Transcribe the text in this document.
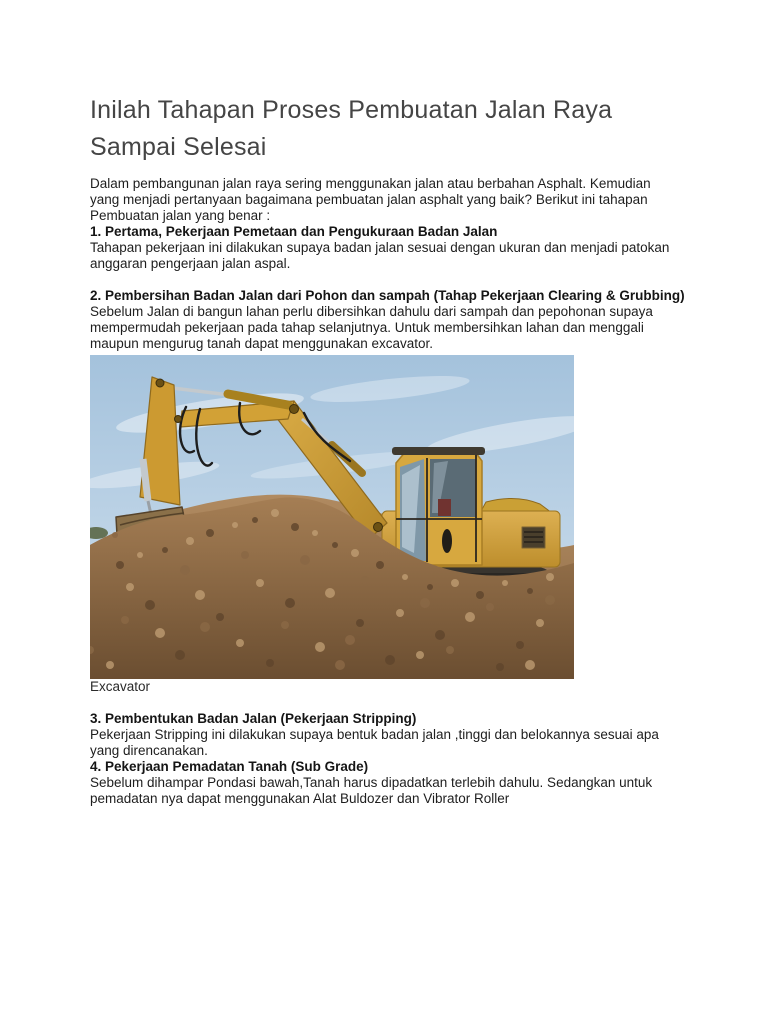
Inilah Tahapan Proses Pembuatan Jalan Raya Sampai Selesai

Dalam pembangunan jalan raya sering menggunakan jalan atau berbahan Asphalt. Kemudian yang menjadi pertanyaan bagaimana pembuatan jalan asphalt yang baik? Berikut ini tahapan Pembuatan jalan yang benar :

1. Pertama, Pekerjaan Pemetaan dan Pengukuraan Badan Jalan

Tahapan pekerjaan ini dilakukan supaya badan jalan sesuai dengan ukuran dan menjadi patokan anggaran pengerjaan jalan aspal.

2. Pembersihan Badan Jalan dari Pohon dan sampah (Tahap Pekerjaan Clearing & Grubbing)

Sebelum Jalan di bangun lahan perlu dibersihkan dahulu dari sampah dan pepohonan supaya mempermudah pekerjaan pada tahap selanjutnya. Untuk membersihkan lahan dan menggali maupun mengurug tanah dapat menggunakan excavator.

Excavator

3. Pembentukan Badan Jalan (Pekerjaan Stripping)

Pekerjaan Stripping ini dilakukan supaya bentuk badan jalan ,tinggi dan belokannya sesuai apa yang direncanakan.

4. Pekerjaan Pemadatan Tanah (Sub Grade)

Sebelum dihampar Pondasi bawah,Tanah harus dipadatkan terlebih dahulu. Sedangkan untuk pemadatan nya dapat menggunakan Alat Buldozer dan Vibrator Roller
